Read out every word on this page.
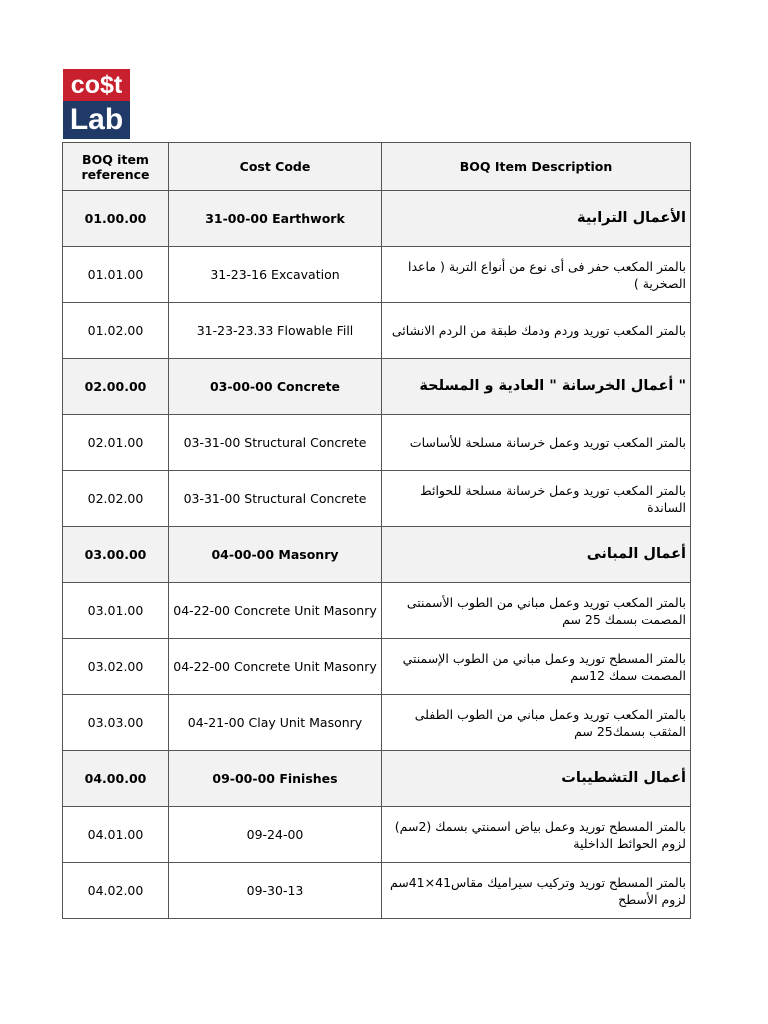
co$t
Lab
BOQ item reference	Cost Code	BOQ Item Description
01.00.00	31-00-00 Earthwork	الأعمال الترابية
01.01.00	31-23-16 Excavation	بالمتر المكعب حفر فى أى نوع من أنواع التربة ( ماعدا الصخرية )
01.02.00	31-23-23.33 Flowable Fill	بالمتر المكعب توريد وردم ودمك طبقة من الردم الانشائى
02.00.00	03-00-00 Concrete	" أعمال الخرسانة " العادية و المسلحة
02.01.00	03-31-00 Structural Concrete	بالمتر المكعب توريد وعمل خرسانة مسلحة للأساسات
02.02.00	03-31-00 Structural Concrete	بالمتر المكعب توريد وعمل خرسانة مسلحة للحوائط الساندة
03.00.00	04-00-00 Masonry	أعمال المبانى
03.01.00	04-22-00 Concrete Unit Masonry	بالمتر المكعب توريد وعمل مباني من الطوب الأسمنتى المصمت بسمك 25 سم
03.02.00	04-22-00 Concrete Unit Masonry	بالمتر المسطح توريد وعمل مباني من الطوب الإسمنتي المصمت سمك 12سم
03.03.00	04-21-00 Clay Unit Masonry	بالمتر المكعب توريد وعمل مباني من الطوب الطفلى المثقب بسمك25 سم
04.00.00	09-00-00 Finishes	أعمال التشطيبات
04.01.00	09-24-00	بالمتر المسطح توريد وعمل بياض اسمنتي بسمك (2سم) لزوم الحوائط الداخلية
04.02.00	09-30-13	بالمتر المسطح توريد وتركيب سيراميك مقاس41×41سم لزوم الأسطح
